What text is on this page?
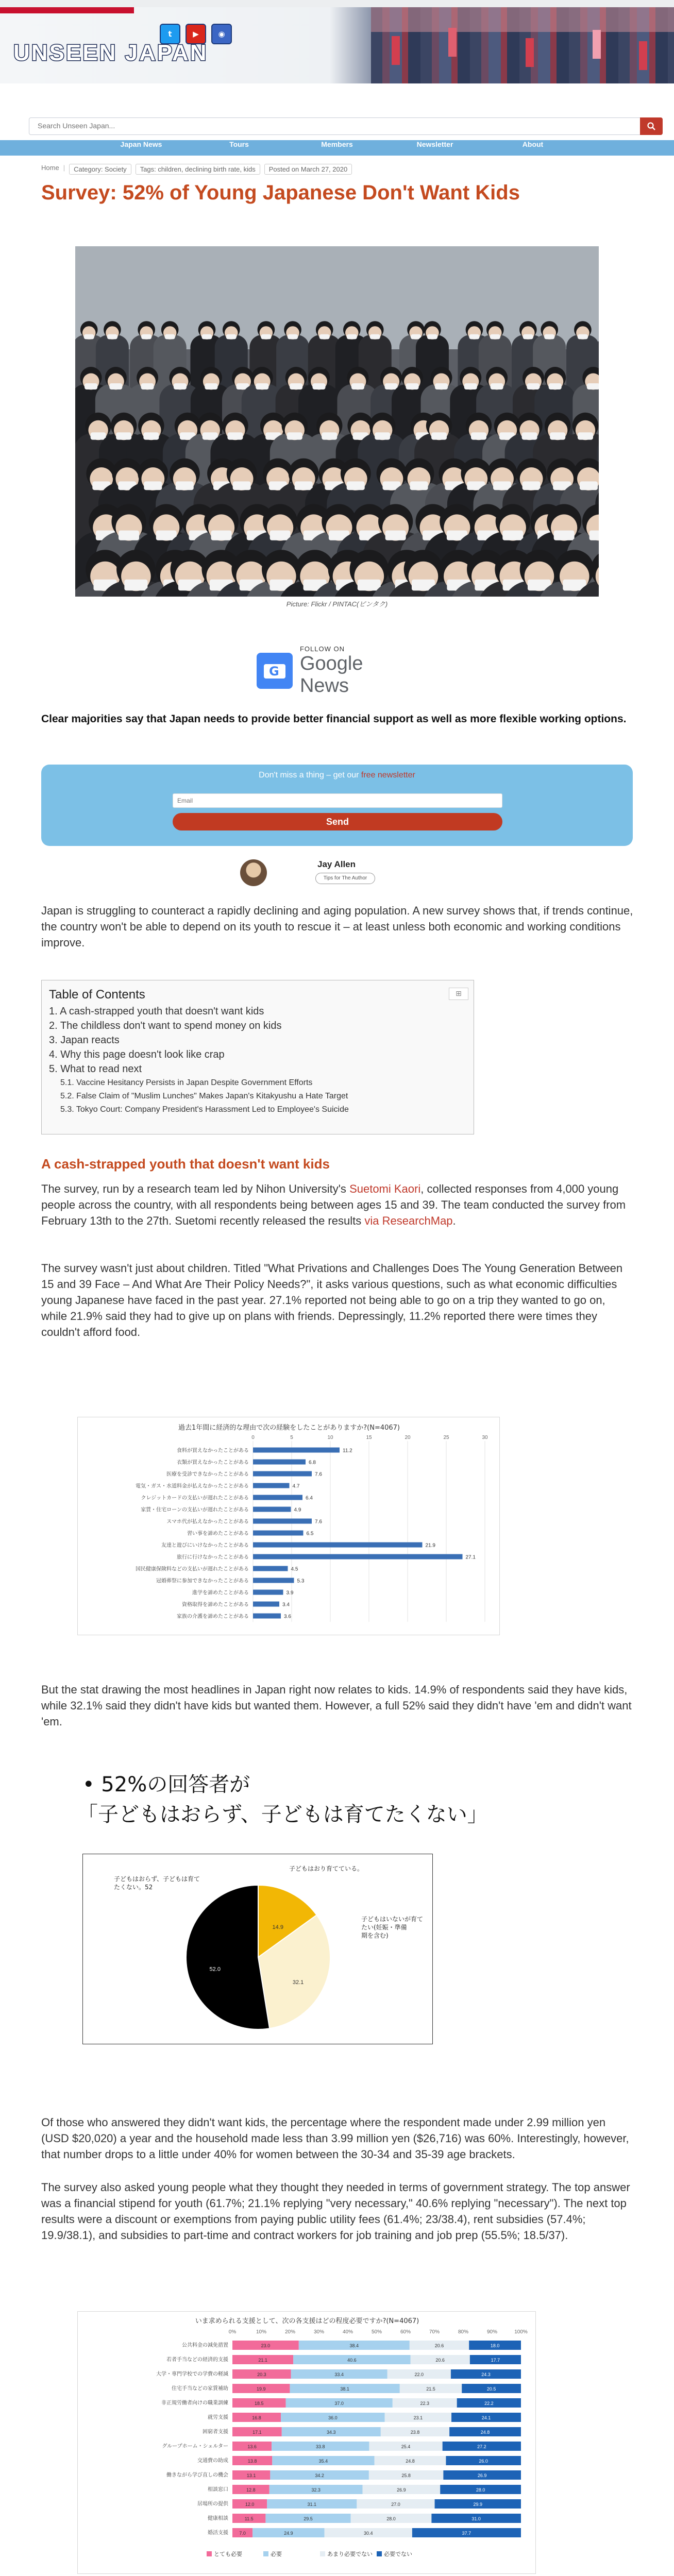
t	▶	◉
UNSEEN JAPAN
Search Unseen Japan...
Japan News	Tours	Members	Newsletter	About
Home |	Category: Society	Tags: children, declining birth rate, kids	Posted on March 27, 2020
Survey: 52% of Young Japanese Don't Want Kids
Picture: Flickr / PINTAC(ピンタク)
G
FOLLOW ON
Google News
Clear majorities say that Japan needs to provide better financial support as well as more flexible working options.
Don't miss a thing – get our free newsletter
Email
Send
Jay Allen
Tips for The Author

Japan is struggling to counteract a rapidly declining and aging population. A new survey shows that, if trends continue, the country won't be able to depend on its youth to rescue it – at least unless both economic and working conditions improve.

Table of Contents	⊞
1. A cash-strapped youth that doesn't want kids
2. The childless don't want to spend money on kids
3. Japan reacts
4. Why this page doesn't look like crap
5. What to read next
5.1. Vaccine Hesitancy Persists in Japan Despite Government Efforts
5.2. False Claim of "Muslim Lunches" Makes Japan's Kitakyushu a Hate Target
5.3. Tokyo Court: Company President's Harassment Led to Employee's Suicide
A cash-strapped youth that doesn't want kids

The survey, run by a research team led by Nihon University's Suetomi Kaori, collected responses from 4,000 young people across the country, with all respondents being between ages 15 and 39. The team conducted the survey from February 13th to the 27th. Suetomi recently released the results via ResearchMap.

The survey wasn't just about children. Titled "What Privations and Challenges Does The Young Generation Between 15 and 39 Face – And What Are Their Policy Needs?", it asks various questions, such as what economic difficulties young Japanese have faced in the past year. 27.1% reported not being able to go on a trip they wanted to go on, while 21.9% said they had to give up on plans with friends. Depressingly, 11.2% reported there were times they couldn't afford food.

過去1年間に経済的な理由で次の経験をしたことがありますか?(N=4067)
0	5	10	15	20	25	30
食料が買えなかったことがある	11.2
衣類が買えなかったことがある	6.8
医療を受診できなかったことがある	7.6
電気・ガス・水道料金が払えなかったことがある	4.7
クレジットカードの支払いが遅れたことがある	6.4
家賃・住宅ローンの支払いが遅れたことがある	4.9
スマホ代が払えなかったことがある	7.6
習い事を諦めたことがある	6.5
友達と遊びにいけなかったことがある	21.9
旅行に行けなかったことがある	27.1
国民健康保険料などの支払いが遅れたことがある	4.5
冠婚葬祭に参加できなかったことがある	5.3
進学を諦めたことがある	3.9
資格取得を諦めたことがある	3.4
家族の介護を諦めたことがある	3.6

But the stat drawing the most headlines in Japan right now relates to kids. 14.9% of respondents said they have kids, while 32.1% said they didn't have kids but wanted them. However, a full 52% said they didn't have 'em and didn't want 'em.

• 52%の回答者が
「子どもはおらず、子どもは育てたくない」
子どもはおり育てている。
14.9
子どもはいないが育て
たい(妊娠・準備
期を含む)
32.1
子どもはおらず、子どもは育て
たくない。52
52.0

Of those who answered they didn't want kids, the percentage where the respondent made under 2.99 million yen (USD $20,020) a year and the household made less than 3.99 million yen ($26,716) was 60%. Interestingly, however, that number drops to a little under 40% for women between the 30-34 and 35-39 age brackets.

The survey also asked young people what they thought they needed in terms of government strategy. The top answer was a financial stipend for youth (61.7%; 21.1% replying "very necessary," 40.6% replying "necessary"). The next top results were a discount or exemptions from paying public utility fees (61.4%; 23/38.4), rent subsidies (57.4%; 19.9/38.1), and subsidies to part-time and contract workers for job training and job prep (55.5%; 18.5/37).

いま求められる支援として、次の各支援はどの程度必要ですか?(N=4067)
0%	10%	20%	30%	40%	50%	60%	70%	80%	90%	100%
公共料金の減免措置	23.0	38.4	20.6	18.0
若者手当などの経済的支援	21.1	40.6	20.6	17.7
大学・専門学校での学費の軽減	20.3	33.4	22.0	24.3
住宅手当などの家賃補助	19.9	38.1	21.5	20.5
非正規労働者向けの職業訓練	18.5	37.0	22.3	22.2
就労支援	16.8	36.0	23.1	24.1
困窮者支援	17.1	34.3	23.8	24.8
グループホーム・シェルター	13.6	33.8	25.4	27.2
交通費の助成	13.8	35.4	24.8	26.0
働きながら学び直しの機会	13.1	34.2	25.8	26.9
相談窓口	12.8	32.3	26.9	28.0
居場所の提供	12.0	31.1	27.0	29.9
健康相談	11.5	29.5	28.0	31.0
婚活支援 7.0	24.9	30.4	37.7
とても必要	必要	あまり必要でない 必要でない
